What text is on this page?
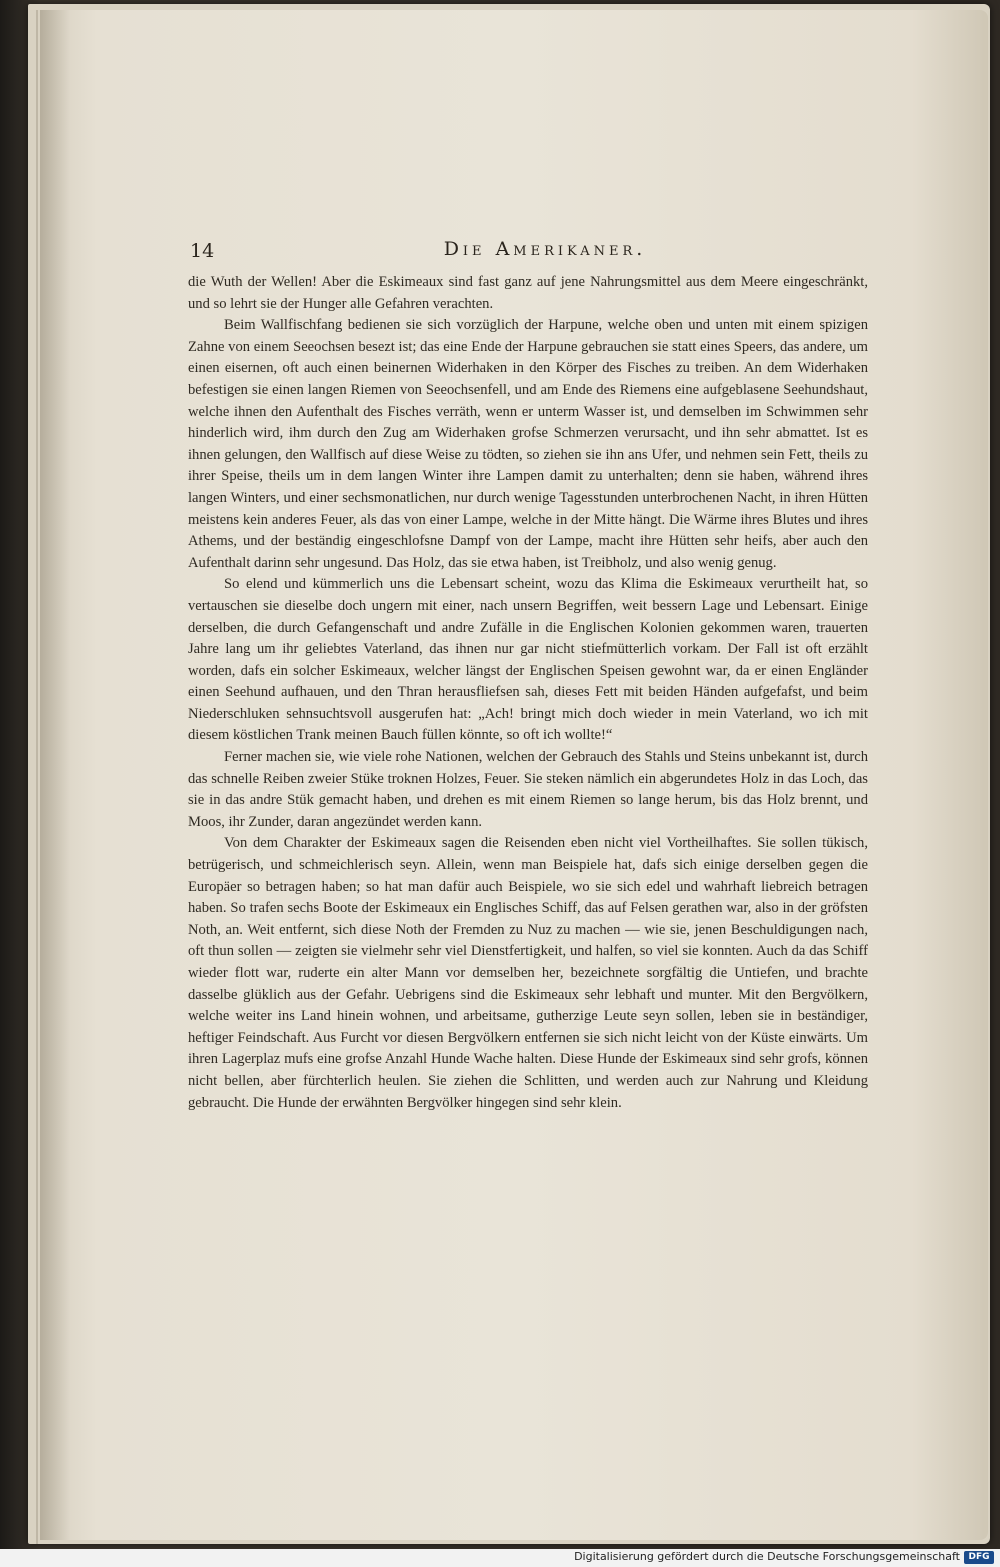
14	Die Amerikaner.

die Wuth der Wellen! Aber die Eskimeaux sind fast ganz auf jene Nahrungsmittel aus dem Meere eingeschränkt, und so lehrt sie der Hunger alle Gefahren verachten.

Beim Wallfischfang bedienen sie sich vorzüglich der Harpune, welche oben und unten mit einem spizigen Zahne von einem Seeochsen besezt ist; das eine Ende der Harpune gebrauchen sie statt eines Speers, das andere, um einen eisernen, oft auch einen beinernen Widerhaken in den Körper des Fisches zu treiben. An dem Widerhaken befestigen sie einen langen Riemen von Seeochsenfell, und am Ende des Riemens eine aufgeblasene Seehundshaut, welche ihnen den Aufenthalt des Fisches verräth, wenn er unterm Wasser ist, und demselben im Schwimmen sehr hinderlich wird, ihm durch den Zug am Widerhaken grofse Schmerzen verursacht, und ihn sehr abmattet. Ist es ihnen gelungen, den Wallfisch auf diese Weise zu tödten, so ziehen sie ihn ans Ufer, und nehmen sein Fett, theils zu ihrer Speise, theils um in dem langen Winter ihre Lampen damit zu unterhalten; denn sie haben, während ihres langen Winters, und einer sechsmonatlichen, nur durch wenige Tagesstunden unterbrochenen Nacht, in ihren Hütten meistens kein anderes Feuer, als das von einer Lampe, welche in der Mitte hängt. Die Wärme ihres Blutes und ihres Athems, und der beständig eingeschlofsne Dampf von der Lampe, macht ihre Hütten sehr heifs, aber auch den Aufenthalt darinn sehr ungesund. Das Holz, das sie etwa haben, ist Treibholz, und also wenig genug.

So elend und kümmerlich uns die Lebensart scheint, wozu das Klima die Eskimeaux verurtheilt hat, so vertauschen sie dieselbe doch ungern mit einer, nach unsern Begriffen, weit bessern Lage und Lebensart. Einige derselben, die durch Gefangenschaft und andre Zufälle in die Englischen Kolonien gekommen waren, trauerten Jahre lang um ihr geliebtes Vaterland, das ihnen nur gar nicht stiefmütterlich vorkam. Der Fall ist oft erzählt worden, dafs ein solcher Eskimeaux, welcher längst der Englischen Speisen gewohnt war, da er einen Engländer einen Seehund aufhauen, und den Thran herausfliefsen sah, dieses Fett mit beiden Händen aufgefafst, und beim Niederschluken sehnsuchtsvoll ausgerufen hat: „Ach! bringt mich doch wieder in mein Vaterland, wo ich mit diesem köstlichen Trank meinen Bauch füllen könnte, so oft ich wollte!“

Ferner machen sie, wie viele rohe Nationen, welchen der Gebrauch des Stahls und Steins unbekannt ist, durch das schnelle Reiben zweier Stüke troknen Holzes, Feuer. Sie steken nämlich ein abgerundetes Holz in das Loch, das sie in das andre Stük gemacht haben, und drehen es mit einem Riemen so lange herum, bis das Holz brennt, und Moos, ihr Zunder, daran angezündet werden kann.

Von dem Charakter der Eskimeaux sagen die Reisenden eben nicht viel Vortheilhaftes. Sie sollen tükisch, betrügerisch, und schmeichlerisch seyn. Allein, wenn man Beispiele hat, dafs sich einige derselben gegen die Europäer so betragen haben; so hat man dafür auch Beispiele, wo sie sich edel und wahrhaft liebreich betragen haben. So trafen sechs Boote der Eskimeaux ein Englisches Schiff, das auf Felsen gerathen war, also in der gröfsten Noth, an. Weit entfernt, sich diese Noth der Fremden zu Nuz zu machen — wie sie, jenen Beschuldigungen nach, oft thun sollen — zeigten sie vielmehr sehr viel Dienstfertigkeit, und halfen, so viel sie konnten. Auch da das Schiff wieder flott war, ruderte ein alter Mann vor demselben her, bezeichnete sorgfältig die Untiefen, und brachte dasselbe glüklich aus der Gefahr. Uebrigens sind die Eskimeaux sehr lebhaft und munter. Mit den Bergvölkern, welche weiter ins Land hinein wohnen, und arbeitsame, gutherzige Leute seyn sollen, leben sie in beständiger, heftiger Feindschaft. Aus Furcht vor diesen Bergvölkern entfernen sie sich nicht leicht von der Küste einwärts. Um ihren Lagerplaz mufs eine grofse Anzahl Hunde Wache halten. Diese Hunde der Eskimeaux sind sehr grofs, können nicht bellen, aber fürchterlich heulen. Sie ziehen die Schlitten, und werden auch zur Nahrung und Kleidung gebraucht. Die Hunde der erwähnten Bergvölker hingegen sind sehr klein.

Digitalisierung gefördert durch die Deutsche Forschungsgemeinschaft DFG
